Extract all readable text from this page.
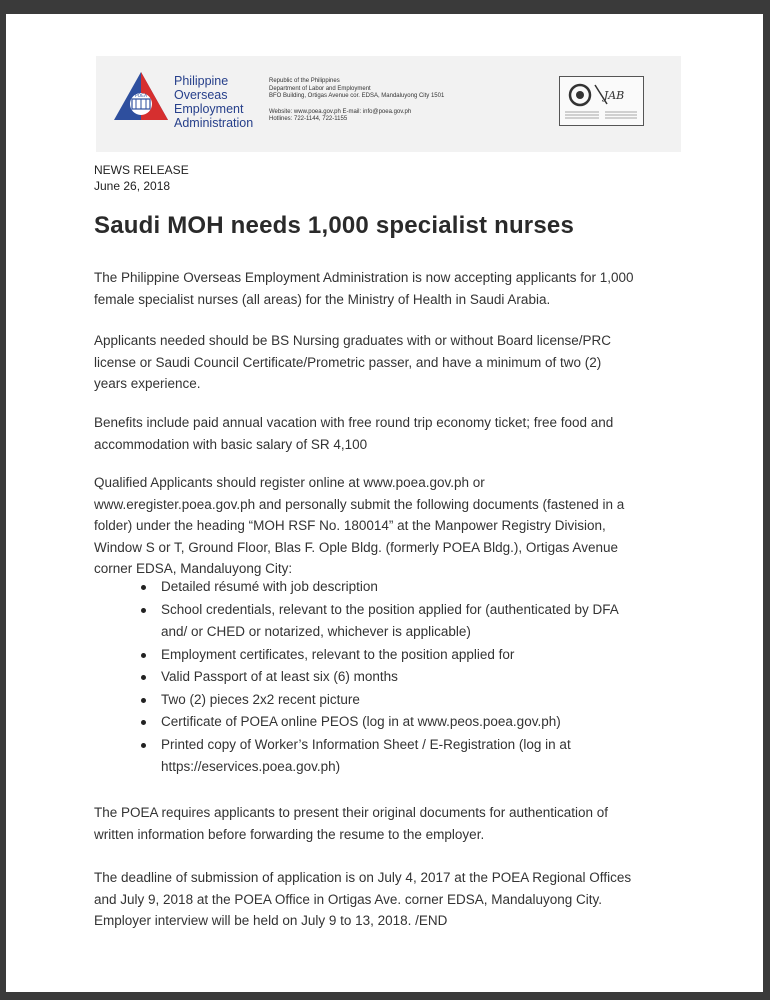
POEA
Philippine
Overseas
Employment
Administration
Republic of the Philippines
Department of Labor and Employment
BFO Building, Ortigas Avenue cor. EDSA, Mandaluyong City 1501
Website: www.poea.gov.ph E-mail: info@poea.gov.ph
Hotlines: 722-1144, 722-1155
JAB
NEWS RELEASE
June 26, 2018
Saudi MOH needs 1,000 specialist nurses

The Philippine Overseas Employment Administration is now accepting applicants for 1,000
female specialist nurses (all areas) for the Ministry of Health in Saudi Arabia.

Applicants needed should be BS Nursing graduates with or without Board license/PRC
license or Saudi Council Certificate/Prometric passer, and have a minimum of two (2)
years experience.

Benefits include paid annual vacation with free round trip economy ticket; free food and
accommodation with basic salary of SR 4,100

Qualified Applicants should register online at www.poea.gov.ph or
www.eregister.poea.gov.ph and personally submit the following documents (fastened in a
folder) under the heading “MOH RSF No. 180014” at the Manpower Registry Division,
Window S or T, Ground Floor, Blas F. Ople Bldg. (formerly POEA Bldg.), Ortigas Avenue
corner EDSA, Mandaluyong City:

Detailed résumé with job description
School credentials, relevant to the position applied for (authenticated by DFA
and/ or CHED or notarized, whichever is applicable)
Employment certificates, relevant to the position applied for
Valid Passport of at least six (6) months
Two (2) pieces 2x2 recent picture
Certificate of POEA online PEOS (log in at www.peos.poea.gov.ph)
Printed copy of Worker’s Information Sheet / E-Registration (log in at
https://eservices.poea.gov.ph)

The POEA requires applicants to present their original documents for authentication of
written information before forwarding the resume to the employer.

The deadline of submission of application is on July 4, 2017 at the POEA Regional Offices
and July 9, 2018 at the POEA Office in Ortigas Ave. corner EDSA, Mandaluyong City.
Employer interview will be held on July 9 to 13, 2018. /END
